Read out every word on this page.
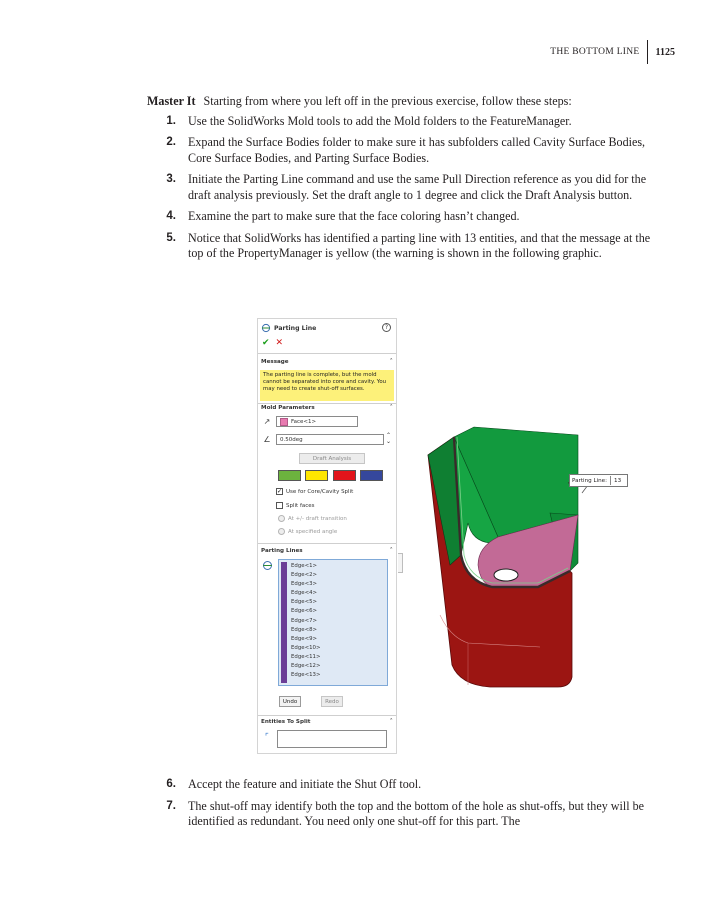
THE BOTTOM LINE	1125

Master It Starting from where you left off in the previous exercise, follow these steps:

1. Use the SolidWorks Mold tools to add the Mold folders to the FeatureManager.
2. Expand the Surface Bodies folder to make sure it has subfolders called Cavity Surface Bodies, Core Surface Bodies, and Parting Surface Bodies.
3. Initiate the Parting Line command and use the same Pull Direction reference as you did for the draft analysis previously. Set the draft angle to 1 degree and click the Draft Analysis button.
4. Examine the part to make sure that the face coloring hasn’t changed.
5. Notice that SolidWorks has identified a parting line with 13 entities, and that the message at the top of the PropertyManager is yellow (the warning is shown in the following graphic.
Parting Line	?
✔ ✕
Message	ˆ
The parting line is complete, but the mold cannot be separated into core and cavity. You may need to create shut-off surfaces.
Mold Parameters	ˆ
↗	Face<1>
∠	0.50deg
⌃
⌄
Draft Analysis
✓ Use for Core/Cavity Split
Split faces
At +/- draft transition
At specified angle
Parting Lines	ˆ
Edge<1>
Edge<2>
Edge<3>
Edge<4>
Edge<5>
Edge<6>
Edge<7>
Edge<8>
Edge<9>
Edge<10>
Edge<11>
Edge<12>
Edge<13>
Undo	Redo
Entities To Split	ˆ
⌜
Parting Line: 13
6. Accept the feature and initiate the Shut Off tool.
7. The shut-off may identify both the top and the bottom of the hole as shut-offs, but they will be identified as redundant. You need only one shut-off for this part. The
